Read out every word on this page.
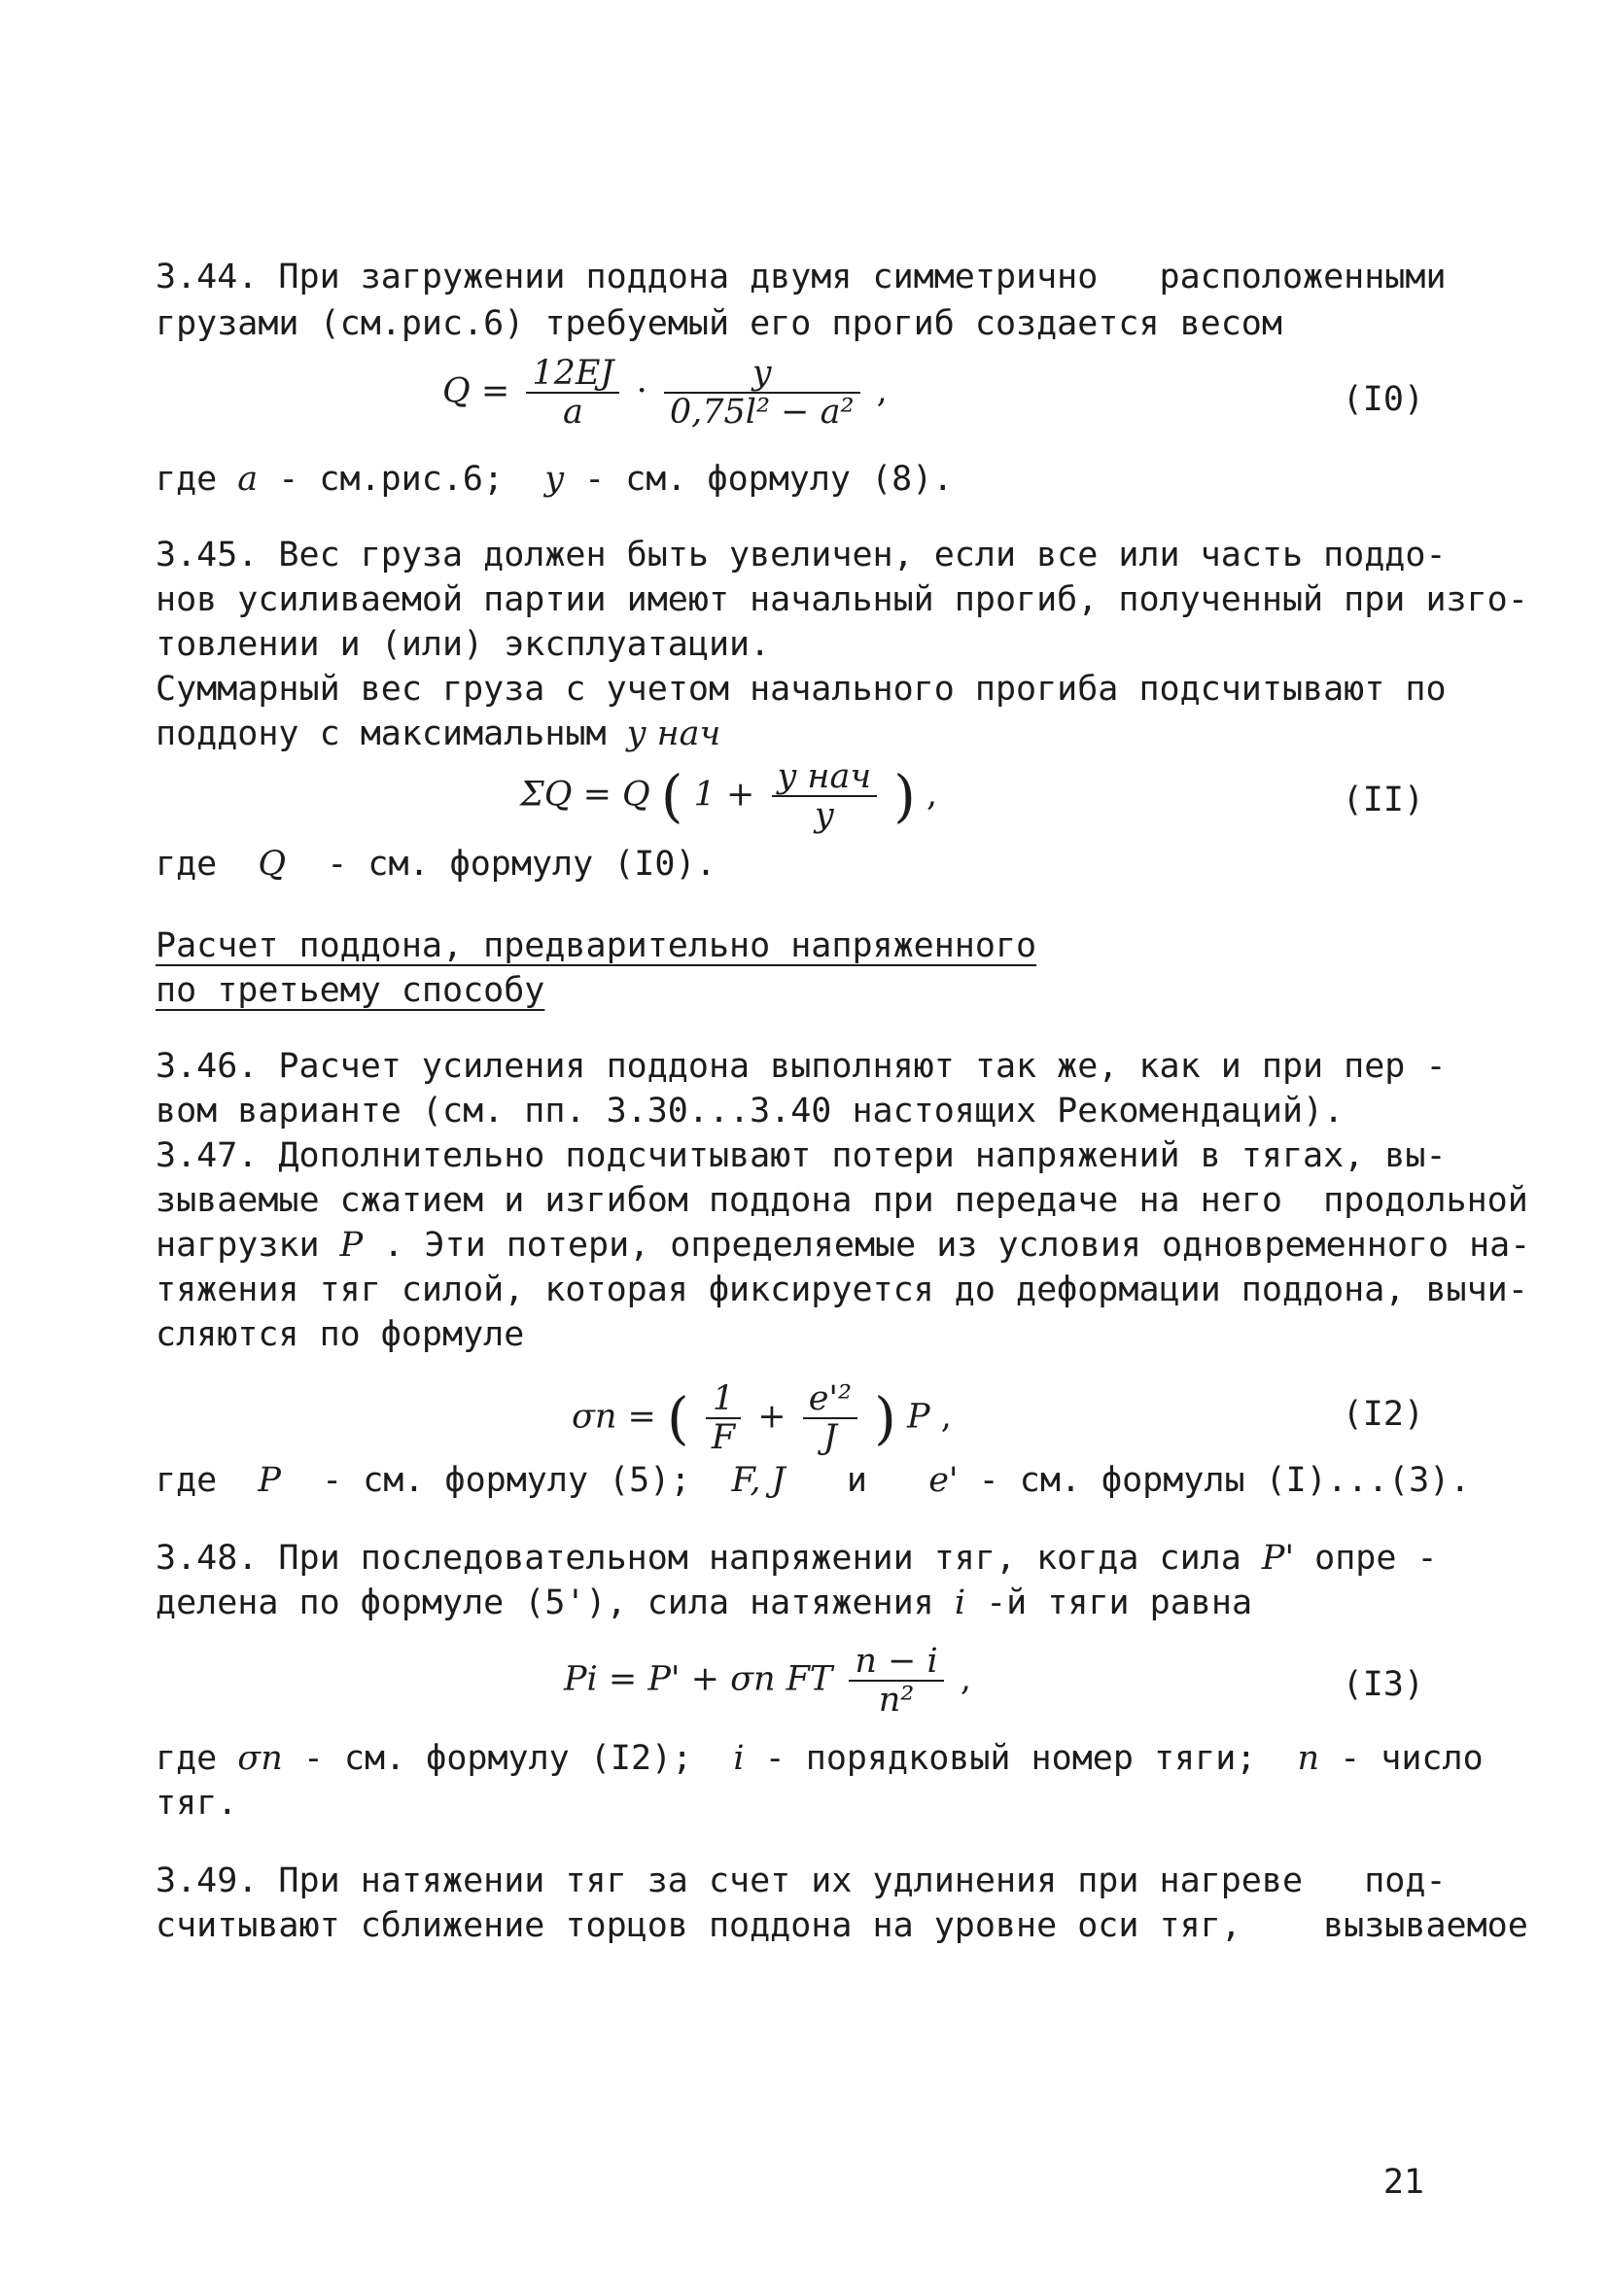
3.44. При загружении поддона двумя симметрично   расположенными
грузами (см.рис.6) требуемый его прогиб создается весом
$Q = \frac{12EJ}{a} \cdot \frac{y}{\text{0,75l² − a²}}$ ,	(I0)
где a - см.рис.6; y - см. формулу (8).
3.45. Вес груза должен быть увеличен, если все или часть поддо-
нов усиливаемой партии имеют начальный прогиб, полученный при изго-
товлении и (или) эксплуатации.
Суммарный вес груза с учетом начального прогиба подсчитывают по
поддону с максимальным y нач
ΣQ = Q ( $1 + \frac{\text{y нач}}{y}$ ) ,	(II)
где Q - см. формулу (I0).
Расчет поддона, предварительно напряженного
по третьему способу
3.46. Расчет усиления поддона выполняют так же, как и при пер -
вом варианте (см. пп. 3.30...3.40 настоящих Рекомендаций).
3.47. Дополнительно подсчитывают потери напряжений в тягах, вы-
зываемые сжатием и изгибом поддона при передаче на него  продольной
нагрузки P . Эти потери, определяемые из условия одновременного на-
тяжения тяг силой, которая фиксируется до деформации поддона, вычи-
сляются по формуле
σn = ( $\frac{1}{F} + \frac{\text{e'²}}{J}$ ) P ,	(I2)
где P - см. формулу (5); F, J и e' - см. формулы (I)...(3).
3.48. При последовательном напряжении тяг, когда сила P' опре -
делена по формуле (5'), сила натяжения i -й тяги равна
Pi = P' + σn FT $\frac{n - i}{\text{n²}}$ ,	(I3)
где σn - см. формулу (I2); i - порядковый номер тяги; n - число
тяг.
3.49. При натяжении тяг за счет их удлинения при нагреве   под-
считывают сближение торцов поддона на уровне оси тяг,    вызываемое
21
